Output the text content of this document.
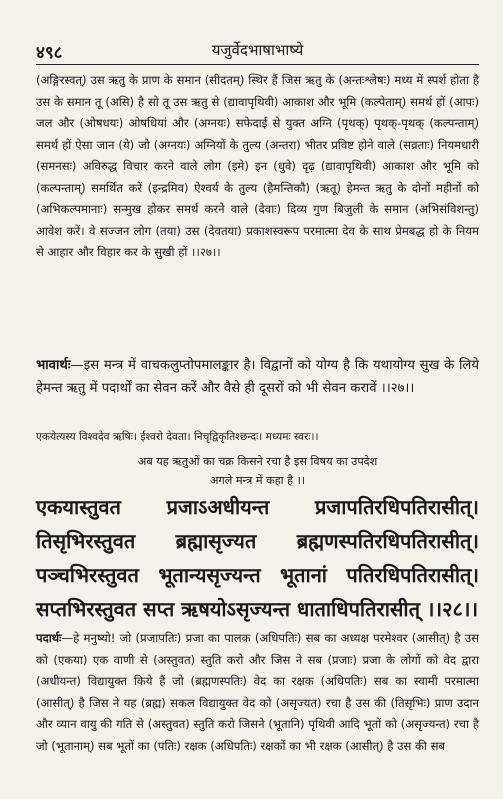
४९८	यजुर्वेदभाषाभाष्ये

(अङ्गिरस्वत्) उस ऋतु के प्राण के समान (सीदतम्) स्थिर हैं जिस ऋतु के (अन्तःश्लेषः) मध्य में स्पर्श होता है उस के समान तू (असि) है सो तू उस ऋतु से (द्यावापृथिवी) आकाश और भूमि (कल्पेताम्) समर्थ हों (आपः) जल और (ओषधयः) ओषधियां और (अग्नयः) सफेदाई से युक्त अग्नि (पृथक्) पृथक्-पृथक् (कल्पन्ताम्) समर्थ हों ऐसा जान (ये) जो (अग्नयः) अग्नियों के तुल्य (अन्तरा) भीतर प्रविष्ट होने वाले (सव्रताः) नियमधारी (समनसः) अविरुद्ध विचार करने वाले लोग (इमे) इन (धुवे) दृढ़ (द्यावापृथिवी) आकाश और भूमि को (कल्पन्ताम्) समर्थित करें (इन्द्रमिव) ऐश्वर्य के तुल्य (हैमन्तिकौ) (ऋतू) हेमन्त ऋतु के दोनों महीनों को (अभिकल्पमानाः) सन्मुख होकर समर्थ करने वाले (देवाः) दिव्य गुण बिजुली के समान (अभिसंविशन्तु) आवेश करें। वे सज्जन लोग (तया) उस (देवतया) प्रकाशस्वरूप परमात्मा देव के साथ प्रेमबद्ध हो के नियम से आहार और विहार कर के सुखी हों ।।२७।।

भावार्थः—इस मन्त्र में वाचकलुप्तोपमालङ्कार है। विद्वानों को योग्य है कि यथायोग्य सुख के लिये हेमन्त ऋतु में पदार्थों का सेवन करें और वैसे ही दूसरों को भी सेवन करावें ।।२७।।

एकयेत्यस्य विश्वदेव ऋषिः। ईश्वरो देवता। निचृद्विकृतिश्छन्दः। मध्यमः स्वरः।।
अब यह ऋतुओं का चक्र किसने रचा है इस विषय का उपदेश
अगले मन्त्र में कहा है ।।

एकयास्तुवत प्रजाऽअधीयन्त प्रजापतिरधिपतिरासीत्। तिसृभिरस्तुवत ब्रह्मासृज्यत ब्रह्मणस्पतिरधिपतिरासीत्। पञ्चभिरस्तुवत भूतान्यसृज्यन्त भूतानां पतिरधिपतिरासीत्। सप्तभिरस्तुवत सप्त ऋषयोऽसृज्यन्त धाताधिपतिरासीत् ।।२८।।

पदार्थः—हे मनुष्यो! जो (प्रजापतिः) प्रजा का पालक (अधिपतिः) सब का अध्यक्ष परमेश्वर (आसीत्) है उस को (एकया) एक वाणी से (अस्तुवत) स्तुति करो और जिस ने सब (प्रजाः) प्रजा के लोगों को वेद द्वारा (अधीयन्त) विद्यायुक्त किये हैं जो (ब्रह्मणस्पतिः) वेद का रक्षक (अधिपतिः) सब का स्वामी परमात्मा (आसीत्) है जिस ने यह (ब्रह्म) सकल विद्यायुक्त वेद को (असृज्यत) रचा है उस की (तिसृभिः) प्राण उदान और व्यान वायु की गति से (अस्तुवत) स्तुति करो जिसने (भूतानि) पृथिवी आदि भूतों को (असृज्यन्त) रचा है जो (भूतानाम्) सब भूतों का (पतिः) रक्षक (अधिपतिः) रक्षकों का भी रक्षक (आसीत्) है उस की सब
